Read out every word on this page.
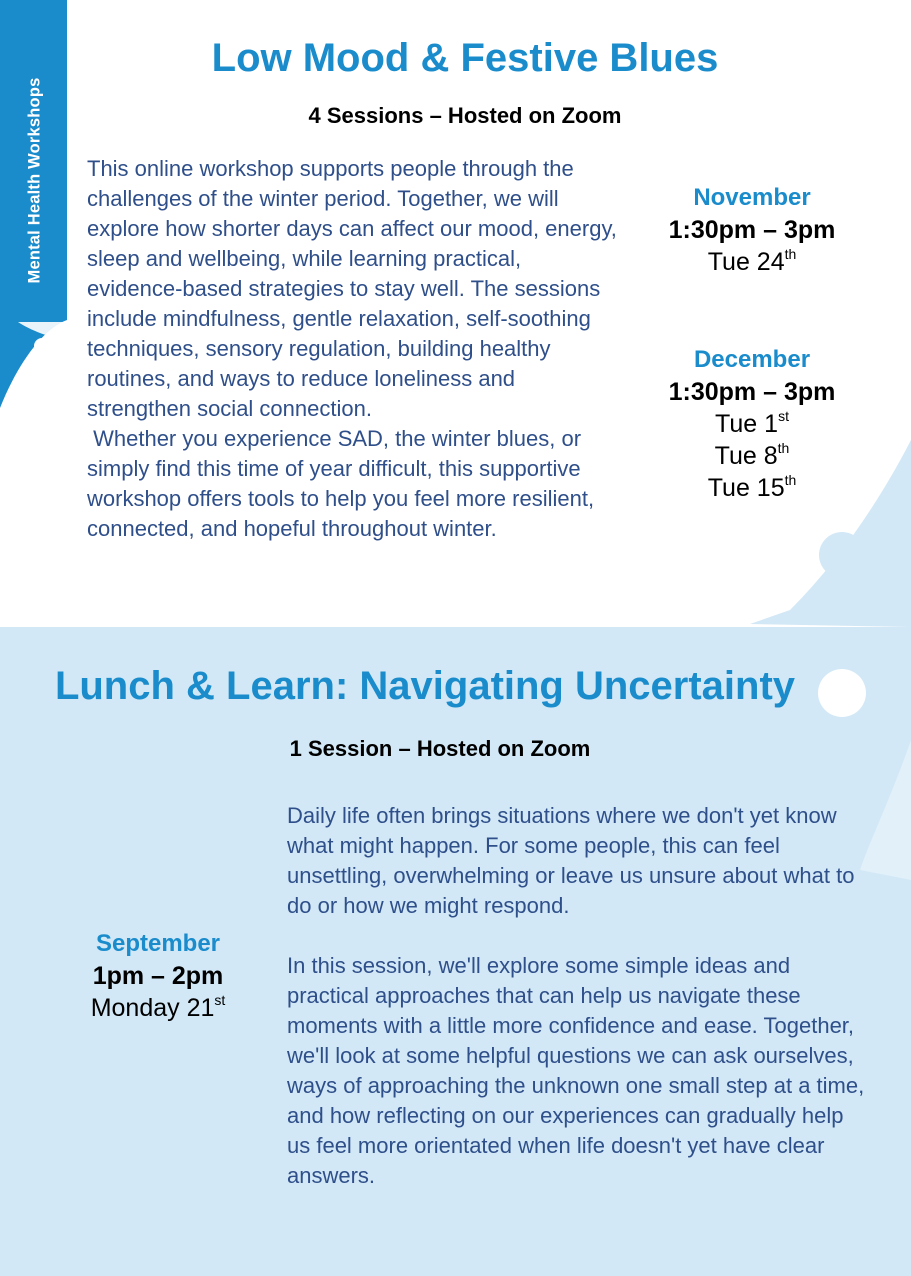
Mental Health Workshops
Low Mood & Festive Blues

4 Sessions – Hosted on Zoom

This online workshop supports people through the challenges of the winter period. Together, we will explore how shorter days can affect our mood, energy, sleep and wellbeing, while learning practical, evidence-based strategies to stay well. The sessions include mindfulness, gentle relaxation, self-soothing techniques, sensory regulation, building healthy routines, and ways to reduce loneliness and strengthen social connection.

Whether you experience SAD, the winter blues, or simply find this time of year difficult, this supportive workshop offers tools to help you feel more resilient, connected, and hopeful throughout winter.

November
1:30pm – 3pm
Tue 24th
December
1:30pm – 3pm
Tue 1st
Tue 8th
Tue 15th
Lunch & Learn: Navigating Uncertainty

1 Session – Hosted on Zoom

September
1pm – 2pm
Monday 21st

Daily life often brings situations where we don't yet know what might happen. For some people, this can feel unsettling, overwhelming or leave us unsure about what to do or how we might respond.

In this session, we'll explore some simple ideas and practical approaches that can help us navigate these moments with a little more confidence and ease. Together, we'll look at some helpful questions we can ask ourselves, ways of approaching the unknown one small step at a time, and how reflecting on our experiences can gradually help us feel more orientated when life doesn't yet have clear answers.
